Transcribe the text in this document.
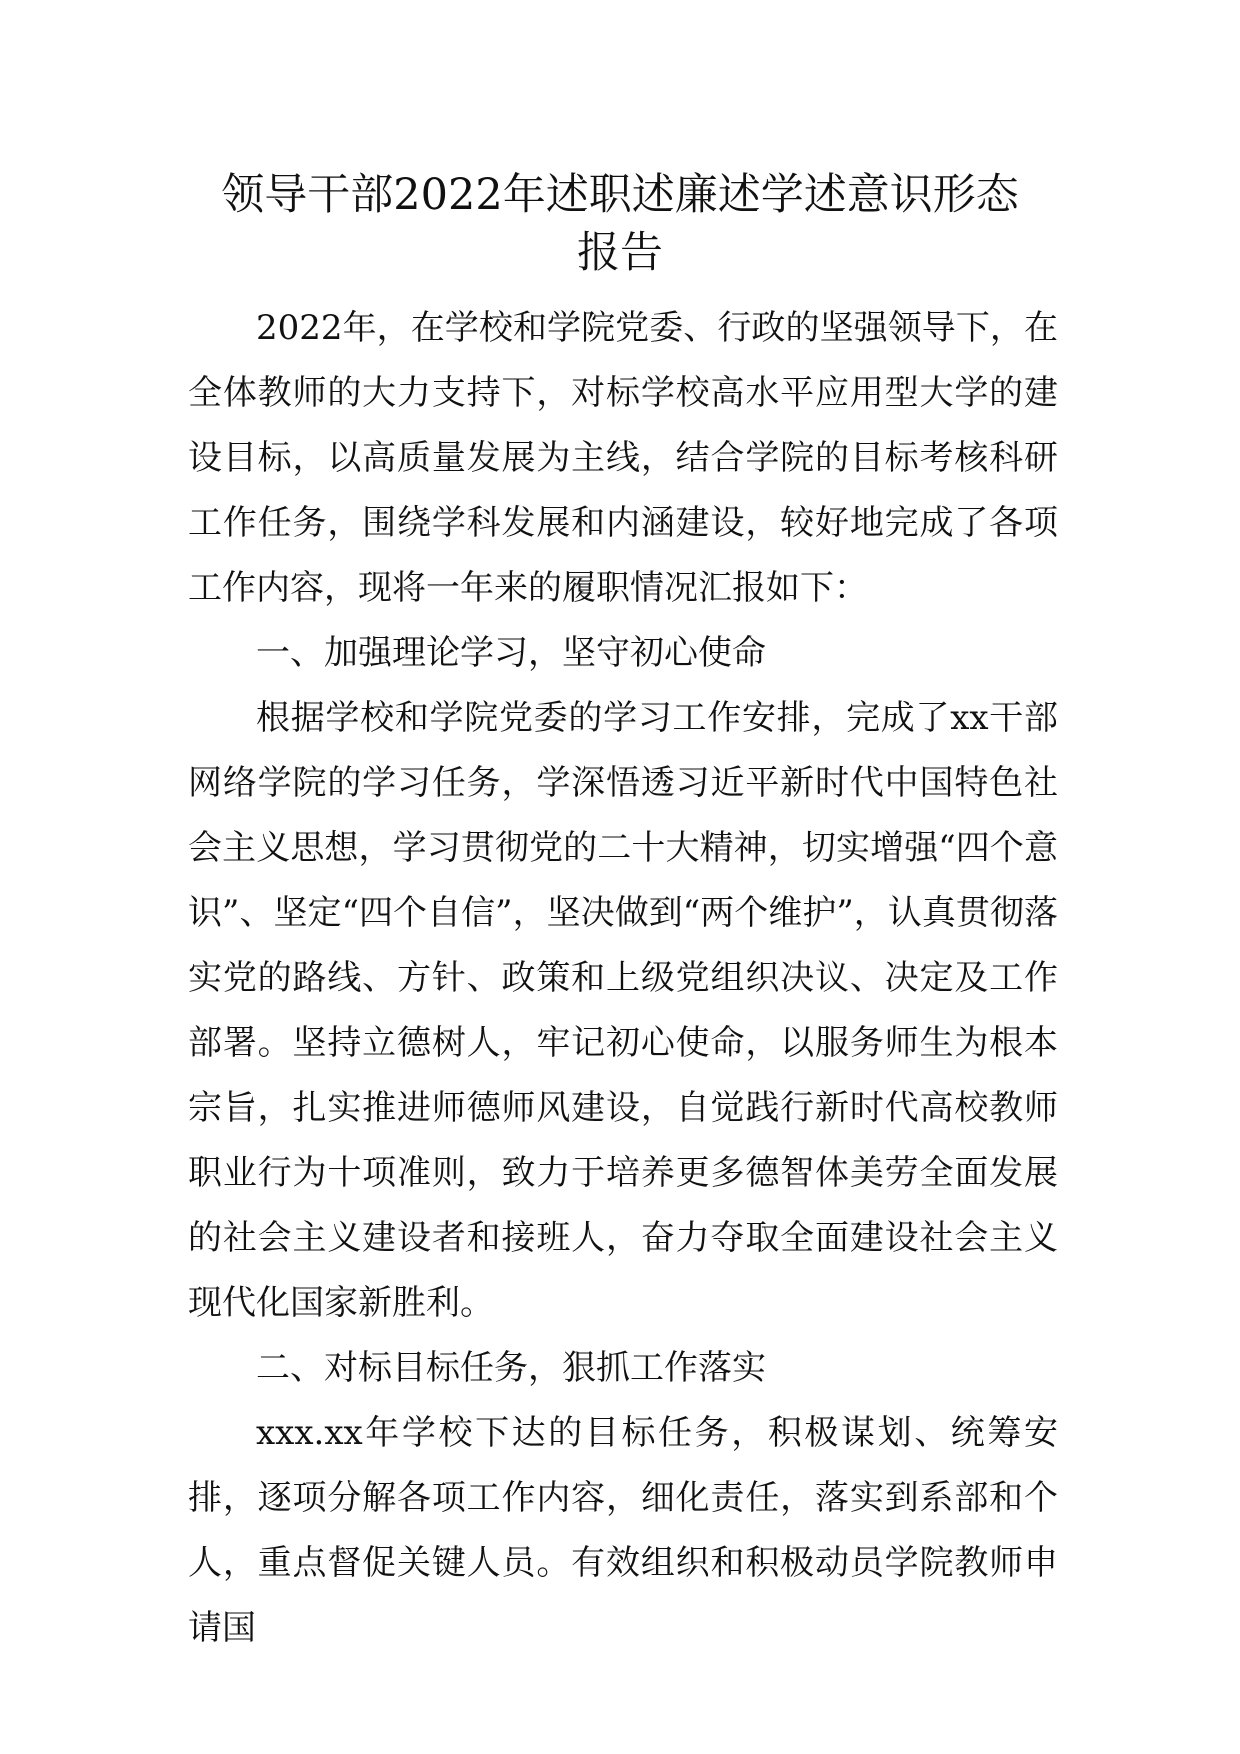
领导干部2022年述职述廉述学述意识形态
报告

2022年，在学校和学院党委、行政的坚强领导下，在全体教师的大力支持下，对标学校高水平应用型大学的建设目标，以高质量发展为主线，结合学院的目标考核科研工作任务，围绕学科发展和内涵建设，较好地完成了各项工作内容，现将一年来的履职情况汇报如下：

一、加强理论学习，坚守初心使命

根据学校和学院党委的学习工作安排，完成了xx干部网络学院的学习任务，学深悟透习近平新时代中国特色社会主义思想，学习贯彻党的二十大精神，切实增强“四个意识”、坚定“四个自信”，坚决做到“两个维护”，认真贯彻落实党的路线、方针、政策和上级党组织决议、决定及工作部署。坚持立德树人，牢记初心使命，以服务师生为根本宗旨，扎实推进师德师风建设，自觉践行新时代高校教师职业行为十项准则，致力于培养更多德智体美劳全面发展的社会主义建设者和接班人，奋力夺取全面建设社会主义现代化国家新胜利。

二、对标目标任务，狠抓工作落实

xxx.xx年学校下达的目标任务，积极谋划、统筹安排，逐项分解各项工作内容，细化责任，落实到系部和个人，重点督促关键人员。有效组织和积极动员学院教师申请国
